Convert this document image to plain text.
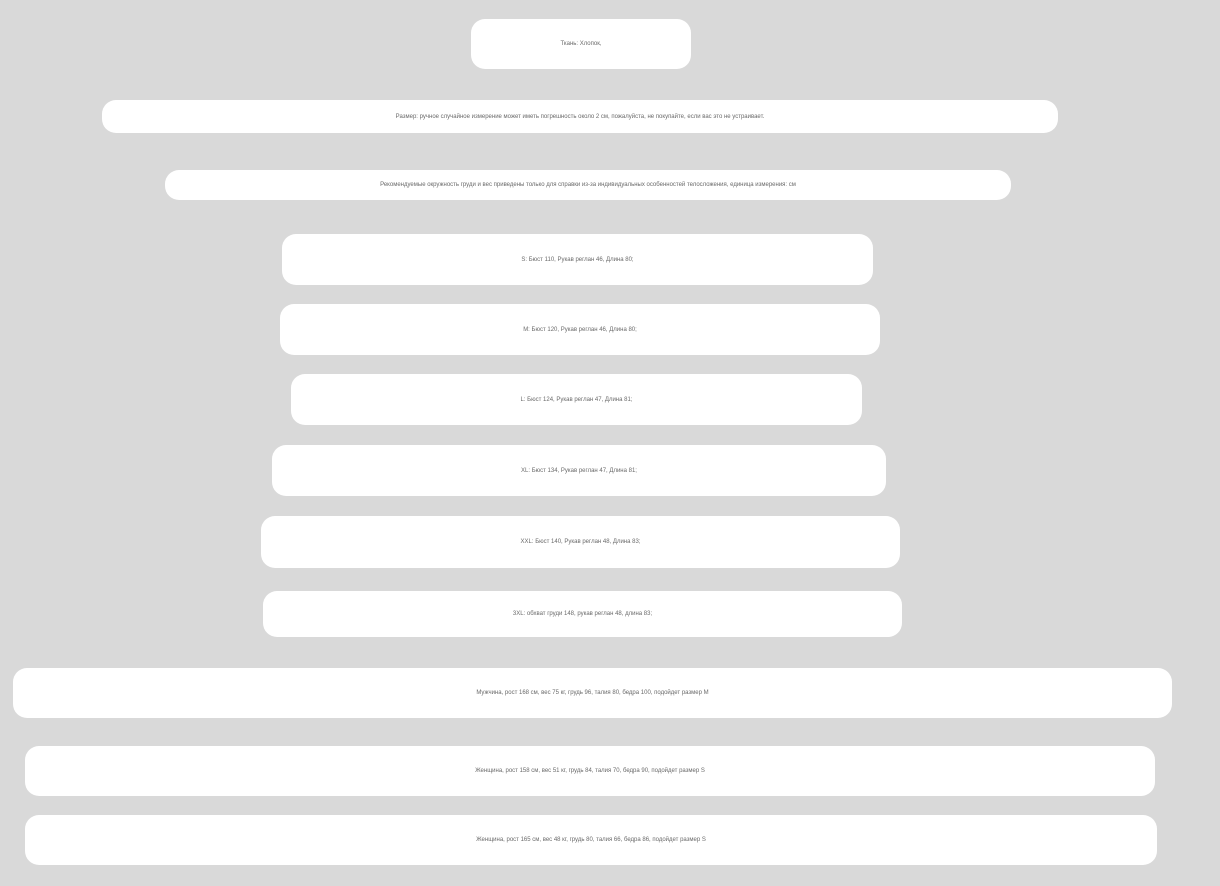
Ткань: Хлопок,
Размер: ручное случайное измерение может иметь погрешность около 2 см, пожалуйста, не покупайте, если вас это не устраивает.
Рекомендуемые окружность груди и вес приведены только для справки из-за индивидуальных особенностей телосложения, единица измерения: см
S: Бюст 110, Рукав реглан 46, Длина 80;
M: Бюст 120, Рукав реглан 46, Длина 80;
L: Бюст 124, Рукав реглан 47, Длина 81;
XL: Бюст 134, Рукав реглан 47, Длина 81;
XXL: Бюст 140, Рукав реглан 48, Длина 83;
3XL: обхват груди 148, рукав реглан 48, длина 83;
Мужчина, рост 168 см, вес 75 кг, грудь 96, талия 80, бедра 100, подойдет размер M
Женщина, рост 158 см, вес 51 кг, грудь 84, талия 70, бедра 90, подойдет размер S
Женщина, рост 165 см, вес 48 кг, грудь 80, талия 66, бедра 86, подойдет размер S
